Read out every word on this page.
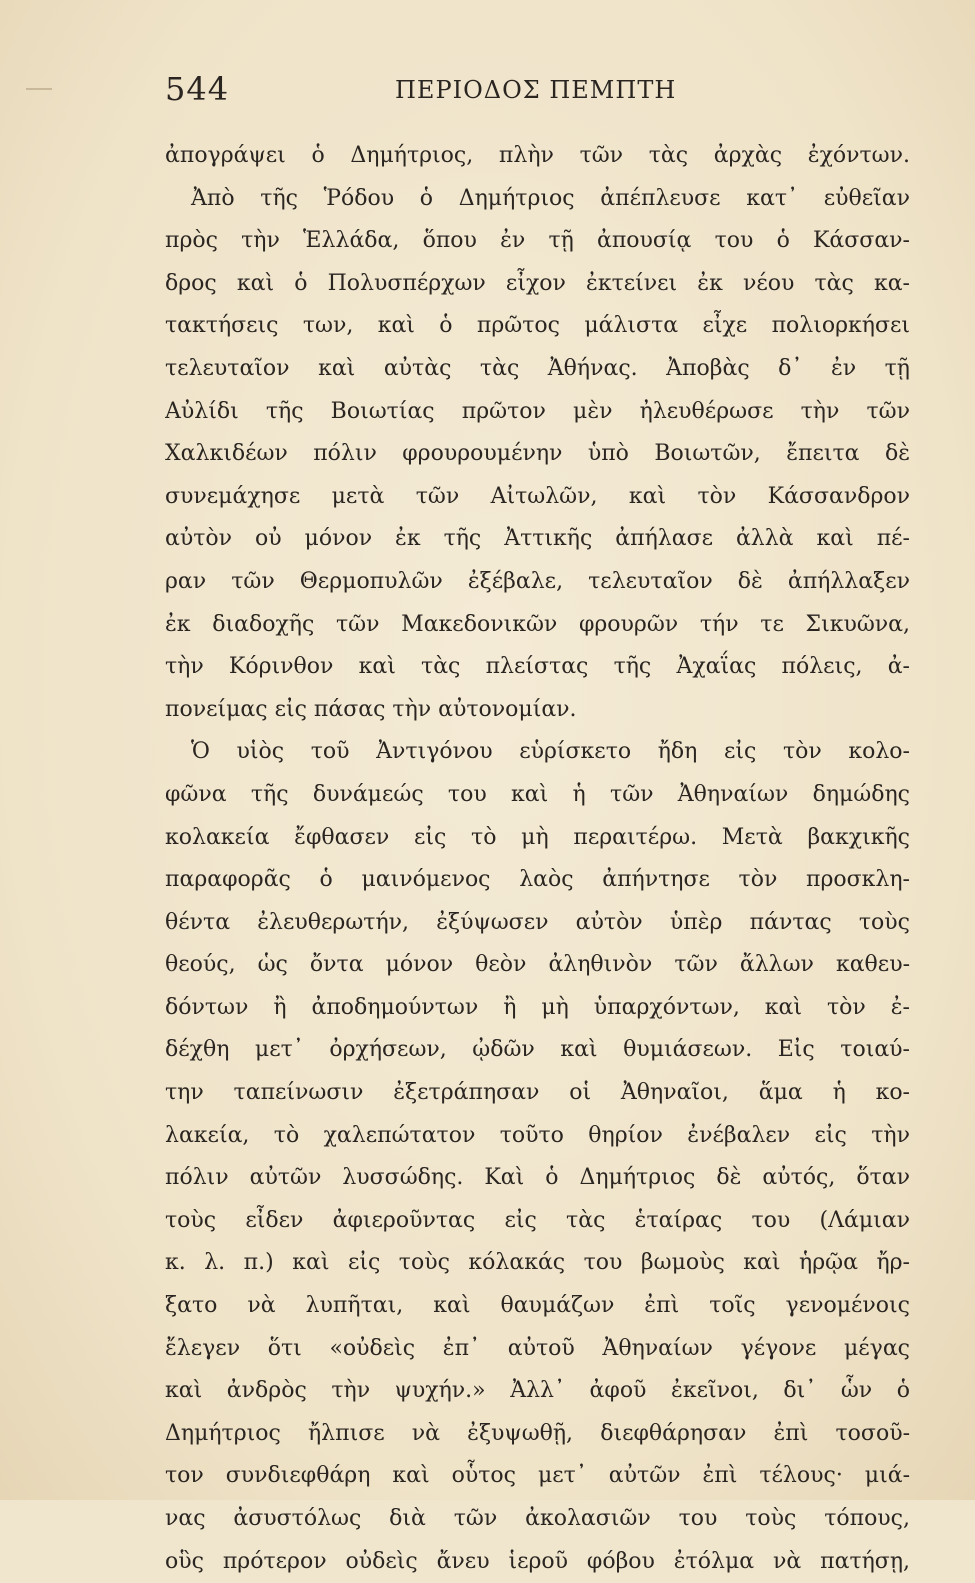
544	ΠΕΡΙΟΔΟΣ ΠΕΜΠΤΗ
ἀπογράψει ὁ Δημήτριος, πλὴν τῶν τὰς ἀρχὰς ἐχόντων.
Ἀπὸ τῆς Ῥόδου ὁ Δημήτριος ἀπέπλευσε κατ᾿ εὐθεῖαν
πρὸς τὴν Ἑλλάδα, ὅπου ἐν τῇ ἀπουσίᾳ του ὁ Κάσσαν-
δρος καὶ ὁ Πολυσπέρχων εἶχον ἐκτείνει ἐκ νέου τὰς κα-
τακτήσεις των, καὶ ὁ πρῶτος μάλιστα εἶχε πολιορκήσει
τελευταῖον καὶ αὐτὰς τὰς Ἀθήνας. Ἀποβὰς δ᾿ ἐν τῇ
Αὐλίδι τῆς Βοιωτίας πρῶτον μὲν ἠλευθέρωσε τὴν τῶν
Χαλκιδέων πόλιν φρουρουμένην ὑπὸ Βοιωτῶν, ἔπειτα δὲ
συνεμάχησε μετὰ τῶν Αἰτωλῶν, καὶ τὸν Κάσσανδρον
αὐτὸν οὐ μόνον ἐκ τῆς Ἀττικῆς ἀπήλασε ἀλλὰ καὶ πέ-
ραν τῶν Θερμοπυλῶν ἐξέβαλε, τελευταῖον δὲ ἀπήλλαξεν
ἐκ διαδοχῆς τῶν Μακεδονικῶν φρουρῶν τήν τε Σικυῶνα,
τὴν Κόρινθον καὶ τὰς πλείστας τῆς Ἀχαΐας πόλεις, ἀ-
πονείμας εἰς πάσας τὴν αὐτονομίαν.
Ὁ υἱὸς τοῦ Ἀντιγόνου εὑρίσκετο ἤδη εἰς τὸν κολο-
φῶνα τῆς δυνάμεώς του καὶ ἡ τῶν Ἀθηναίων δημώδης
κολακεία ἔφθασεν εἰς τὸ μὴ περαιτέρω. Μετὰ βακχικῆς
παραφορᾶς ὁ μαινόμενος λαὸς ἀπήντησε τὸν προσκλη-
θέντα ἐλευθερωτήν, ἐξύψωσεν αὐτὸν ὑπὲρ πάντας τοὺς
θεούς, ὡς ὄντα μόνον θεὸν ἀληθινὸν τῶν ἄλλων καθευ-
δόντων ἢ ἀποδημούντων ἢ μὴ ὑπαρχόντων, καὶ τὸν ἐ-
δέχθη μετ᾿ ὀρχήσεων, ᾠδῶν καὶ θυμιάσεων. Εἰς τοιαύ-
την ταπείνωσιν ἐξετράπησαν οἱ Ἀθηναῖοι, ἅμα ἡ κο-
λακεία, τὸ χαλεπώτατον τοῦτο θηρίον ἐνέβαλεν εἰς τὴν
πόλιν αὐτῶν λυσσώδης. Καὶ ὁ Δημήτριος δὲ αὐτός, ὅταν
τοὺς εἶδεν ἀφιεροῦντας εἰς τὰς ἑταίρας του (Λάμιαν
κ. λ. π.) καὶ εἰς τοὺς κόλακάς του βωμοὺς καὶ ἡρῷα ἤρ-
ξατο νὰ λυπῆται, καὶ θαυμάζων ἐπὶ τοῖς γενομένοις
ἔλεγεν ὅτι «οὐδεὶς ἐπ᾿ αὐτοῦ Ἀθηναίων γέγονε μέγας
καὶ ἀνδρὸς τὴν ψυχήν.» Ἀλλ᾿ ἀφοῦ ἐκεῖνοι, δι᾿ ὧν ὁ
Δημήτριος ἤλπισε νὰ ἐξυψωθῇ, διεφθάρησαν ἐπὶ τοσοῦ-
τον συνδιεφθάρη καὶ οὗτος μετ᾿ αὐτῶν ἐπὶ τέλους· μιά-
νας ἀσυστόλως διὰ τῶν ἀκολασιῶν του τοὺς τόπους,
οὓς πρότερον οὐδεὶς ἄνευ ἱεροῦ φόβου ἐτόλμα νὰ πατήσῃ,
